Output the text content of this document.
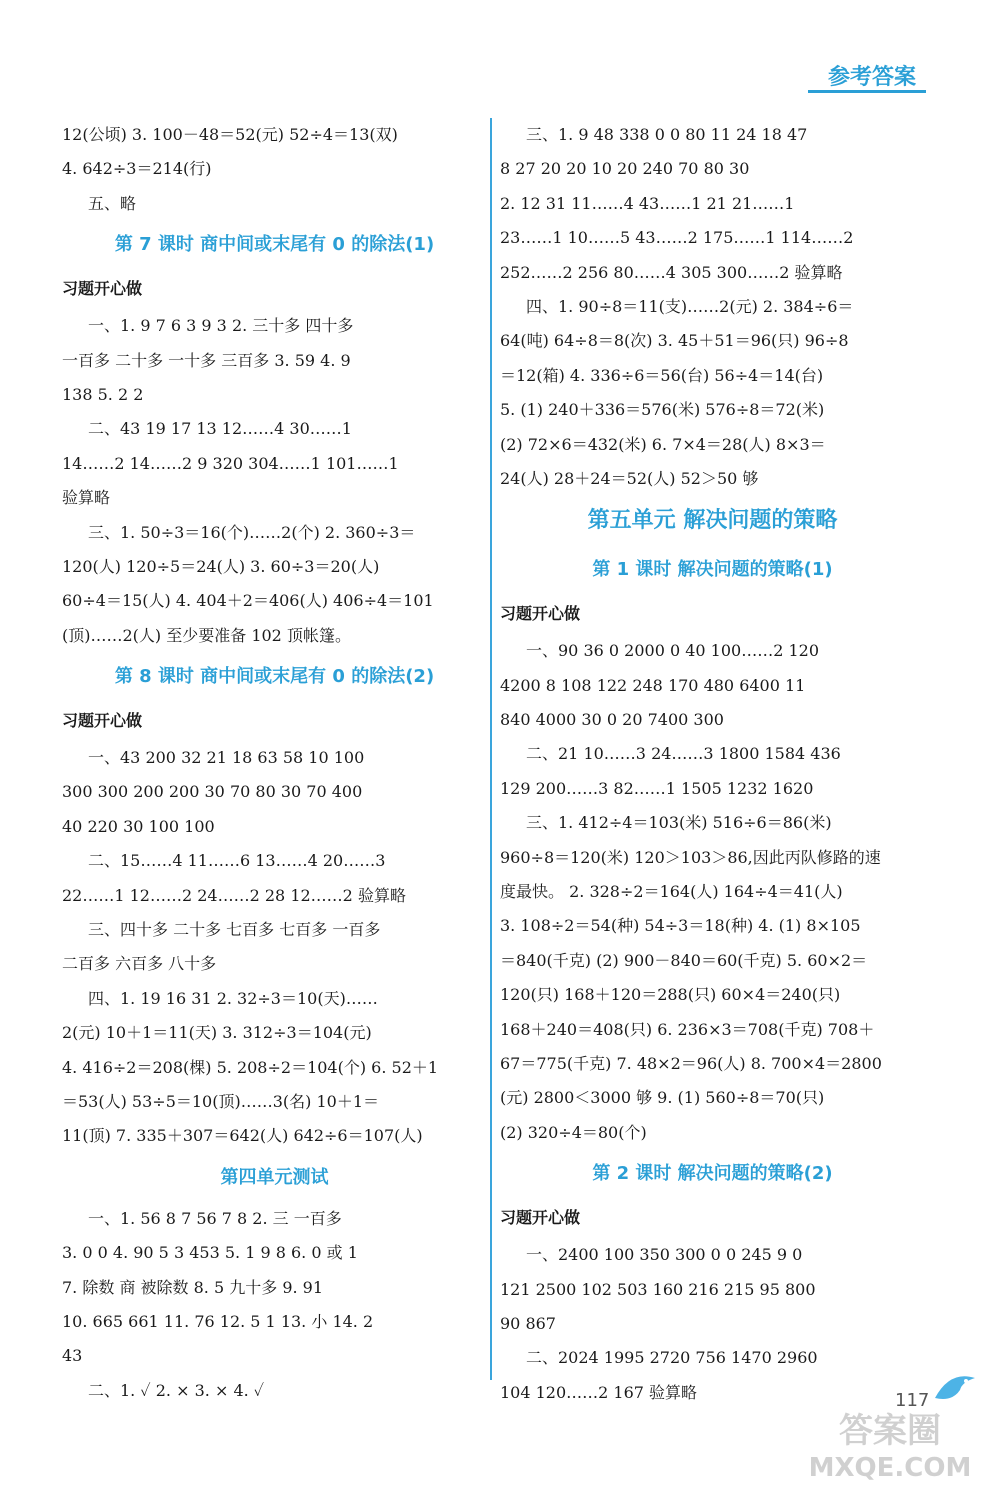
参考答案
12(公顷) 3. 100－48＝52(元) 52÷4＝13(双)
4. 642÷3＝214(行)
五、略
第 7 课时 商中间或末尾有 0 的除法(1)
习题开心做
一、1. 9 7 6 3 9 3 2. 三十多 四十多
一百多 二十多 一十多 三百多 3. 59 4. 9
138 5. 2 2
二、43 19 17 13 12……4 30……1
14……2 14……2 9 320 304……1 101……1
验算略
三、1. 50÷3＝16(个)……2(个) 2. 360÷3＝
120(人) 120÷5＝24(人) 3. 60÷3＝20(人)
60÷4＝15(人) 4. 404＋2＝406(人) 406÷4＝101
(顶)……2(人) 至少要准备 102 顶帐篷。
第 8 课时 商中间或末尾有 0 的除法(2)
习题开心做
一、43 200 32 21 18 63 58 10 100
300 300 200 200 30 70 80 30 70 400
40 220 30 100 100
二、15……4 11……6 13……4 20……3
22……1 12……2 24……2 28 12……2 验算略
三、四十多 二十多 七百多 七百多 一百多
二百多 六百多 八十多
四、1. 19 16 31 2. 32÷3＝10(天)……
2(元) 10＋1＝11(天) 3. 312÷3＝104(元)
4. 416÷2＝208(棵) 5. 208÷2＝104(个) 6. 52＋1
＝53(人) 53÷5＝10(顶)……3(名) 10＋1＝
11(顶) 7. 335＋307＝642(人) 642÷6＝107(人)
第四单元测试
一、1. 56 8 7 56 7 8 2. 三 一百多
3. 0 0 4. 90 5 3 453 5. 1 9 8 6. 0 或 1
7. 除数 商 被除数 8. 5 九十多 9. 91
10. 665 661 11. 76 12. 5 1 13. 小 14. 2
43
二、1. ✓ 2. × 3. × 4. ✓
三、1. 9 48 338 0 0 80 11 24 18 47
8 27 20 20 10 20 240 70 80 30
2. 12 31 11……4 43……1 21 21……1
23……1 10……5 43……2 175……1 114……2
252……2 256 80……4 305 300……2 验算略
四、1. 90÷8＝11(支)……2(元) 2. 384÷6＝
64(吨) 64÷8＝8(次) 3. 45＋51＝96(只) 96÷8
＝12(箱) 4. 336÷6＝56(台) 56÷4＝14(台)
5. (1) 240＋336＝576(米) 576÷8＝72(米)
(2) 72×6＝432(米) 6. 7×4＝28(人) 8×3＝
24(人) 28＋24＝52(人) 52＞50 够
第五单元 解决问题的策略
第 1 课时 解决问题的策略(1)
习题开心做
一、90 36 0 2000 0 40 100……2 120
4200 8 108 122 248 170 480 6400 11
840 4000 30 0 20 7400 300
二、21 10……3 24……3 1800 1584 436
129 200……3 82……1 1505 1232 1620
三、1. 412÷4＝103(米) 516÷6＝86(米)
960÷8＝120(米) 120＞103＞86,因此丙队修路的速
度最快。 2. 328÷2＝164(人) 164÷4＝41(人)
3. 108÷2＝54(种) 54÷3＝18(种) 4. (1) 8×105
＝840(千克) (2) 900－840＝60(千克) 5. 60×2＝
120(只) 168＋120＝288(只) 60×4＝240(只)
168＋240＝408(只) 6. 236×3＝708(千克) 708＋
67＝775(千克) 7. 48×2＝96(人) 8. 700×4＝2800
(元) 2800＜3000 够 9. (1) 560÷8＝70(只)
(2) 320÷4＝80(个)
第 2 课时 解决问题的策略(2)
习题开心做
一、2400 100 350 300 0 0 245 9 0
121 2500 102 503 160 216 215 95 800
90 867
二、2024 1995 2720 756 1470 2960
104 120……2 167 验算略	117
答案圈
MXQE.COM
